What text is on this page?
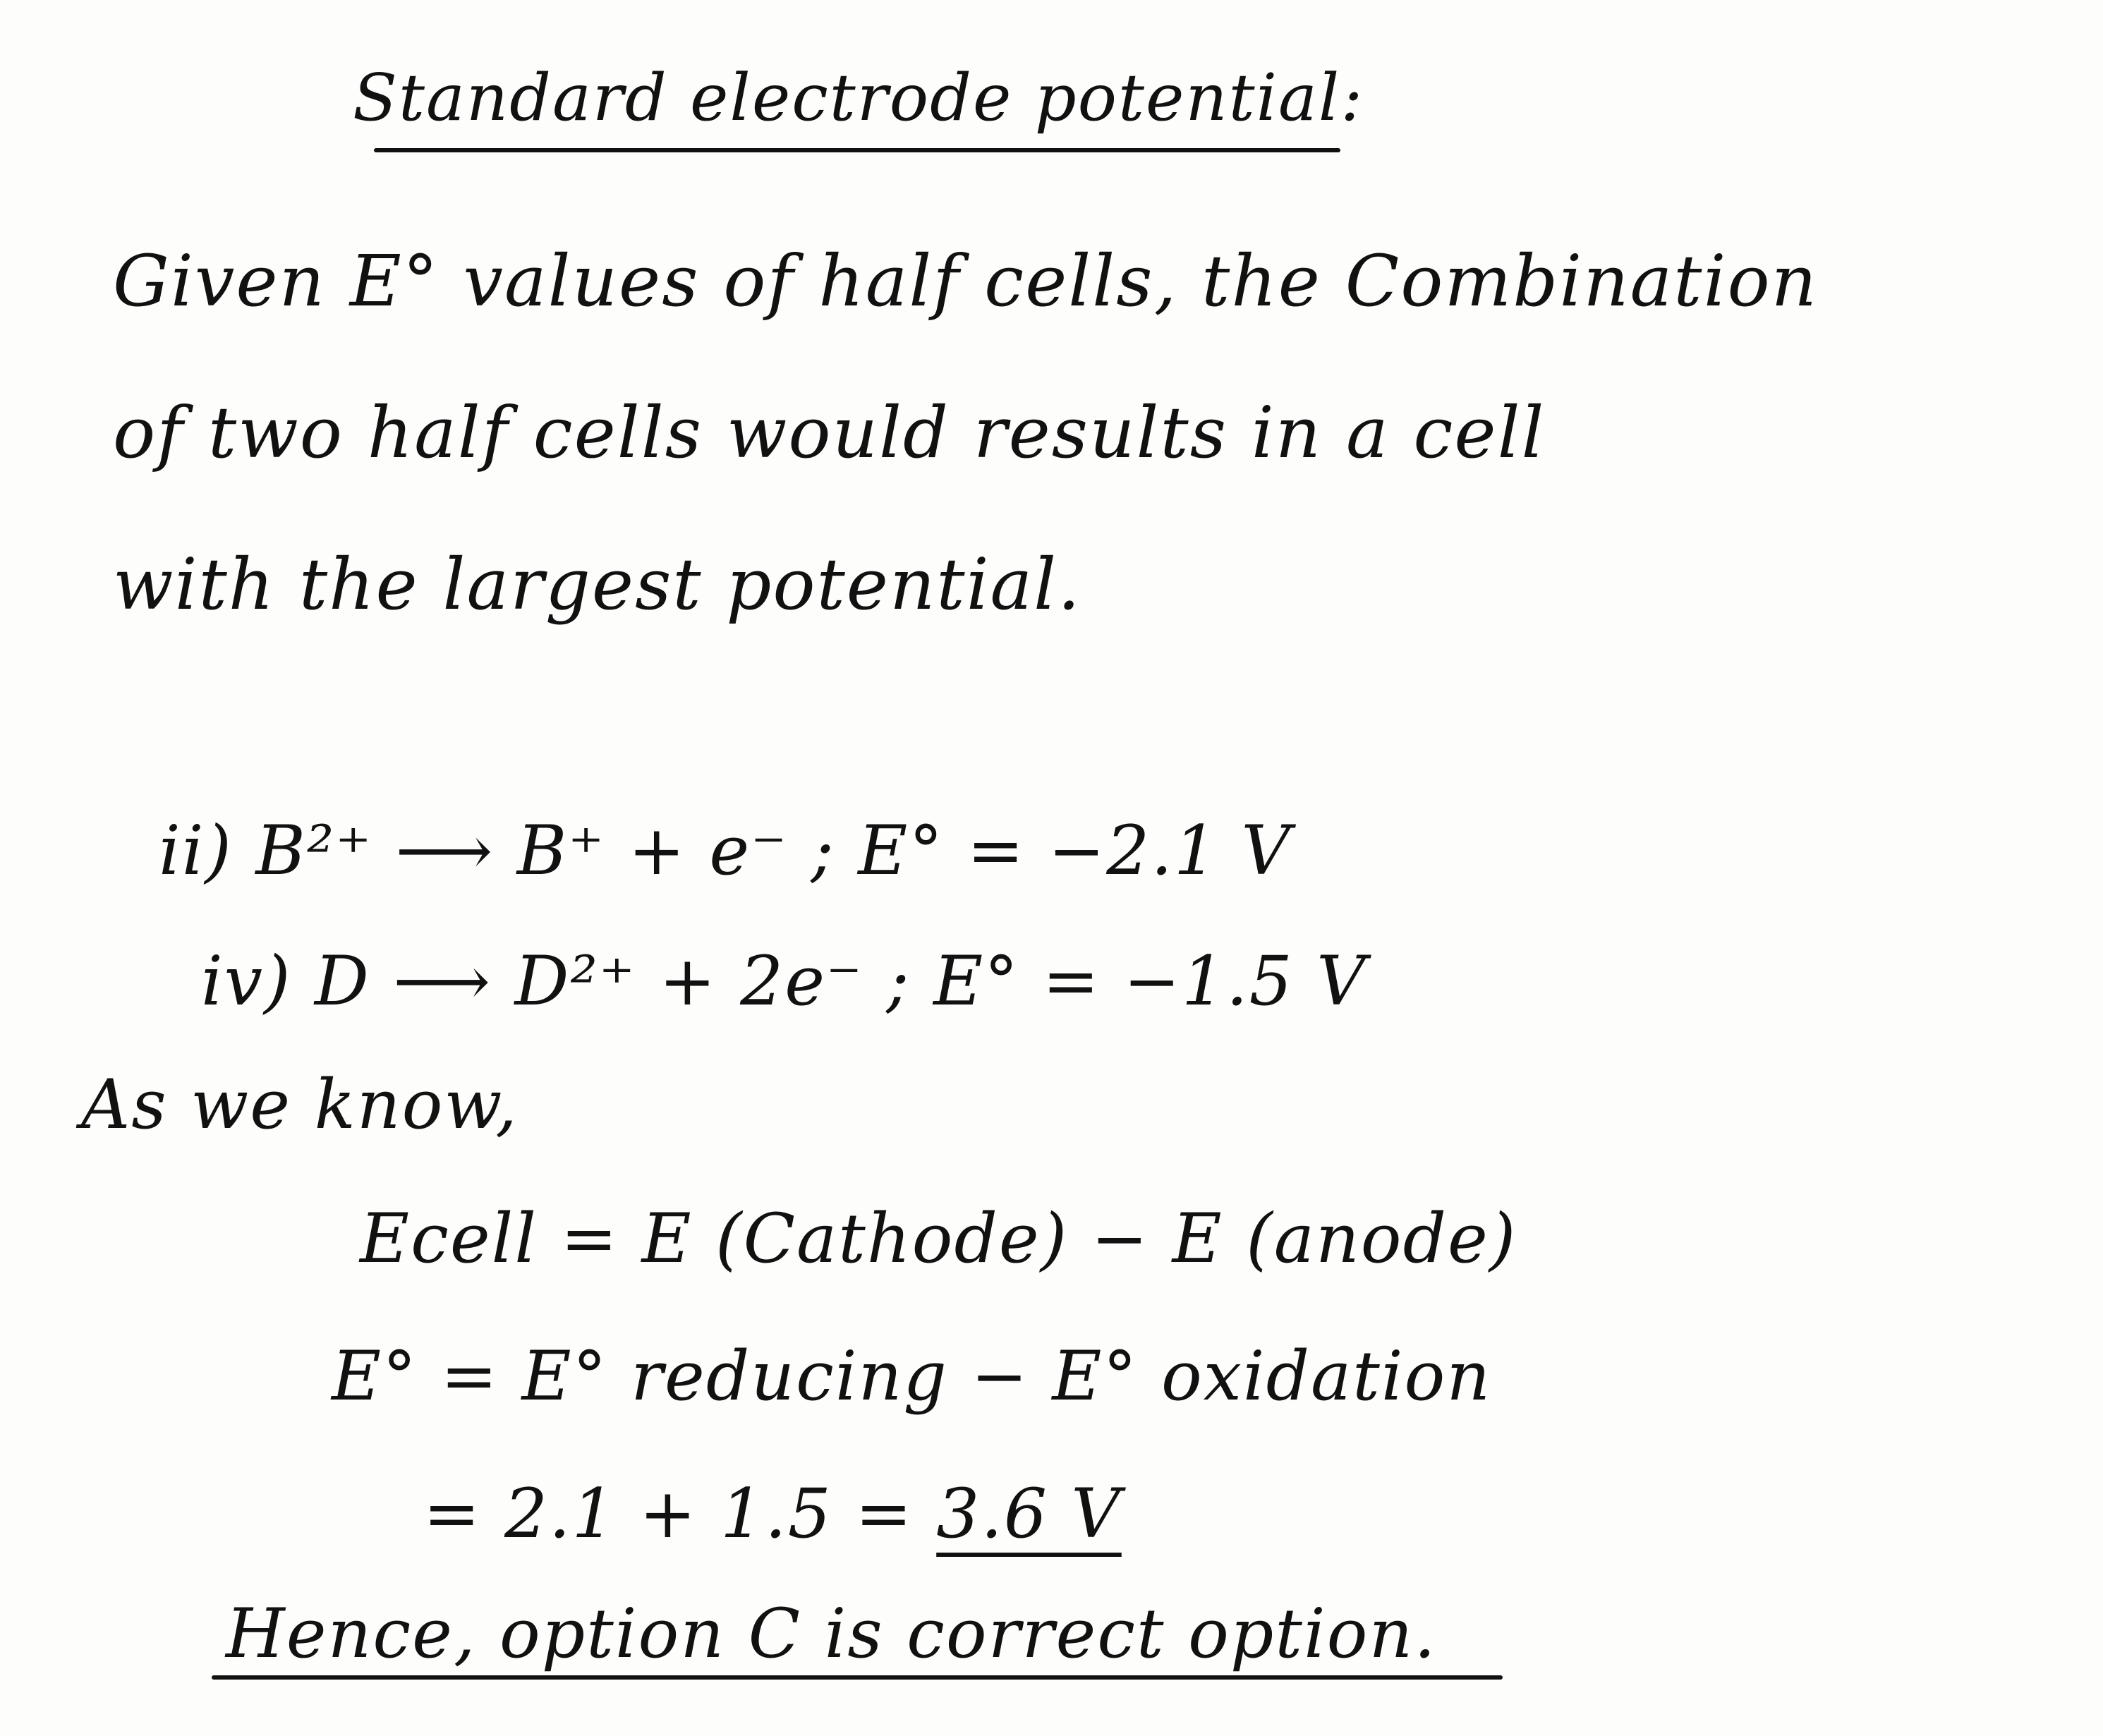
Standard electrode potential:
Given E° values of half cells, the Combination
of two half cells would results in a cell
with the largest potential.
ii) B²⁺ ⟶ B⁺ + e⁻ ; E° = −2.1 V
iv) D ⟶ D²⁺ + 2e⁻ ; E° = −1.5 V
As we know,
Ecell = E (Cathode) − E (anode)
E° = E° reducing − E° oxidation
= 2.1 + 1.5 = 3.6 V
Hence, option C is correct option.
